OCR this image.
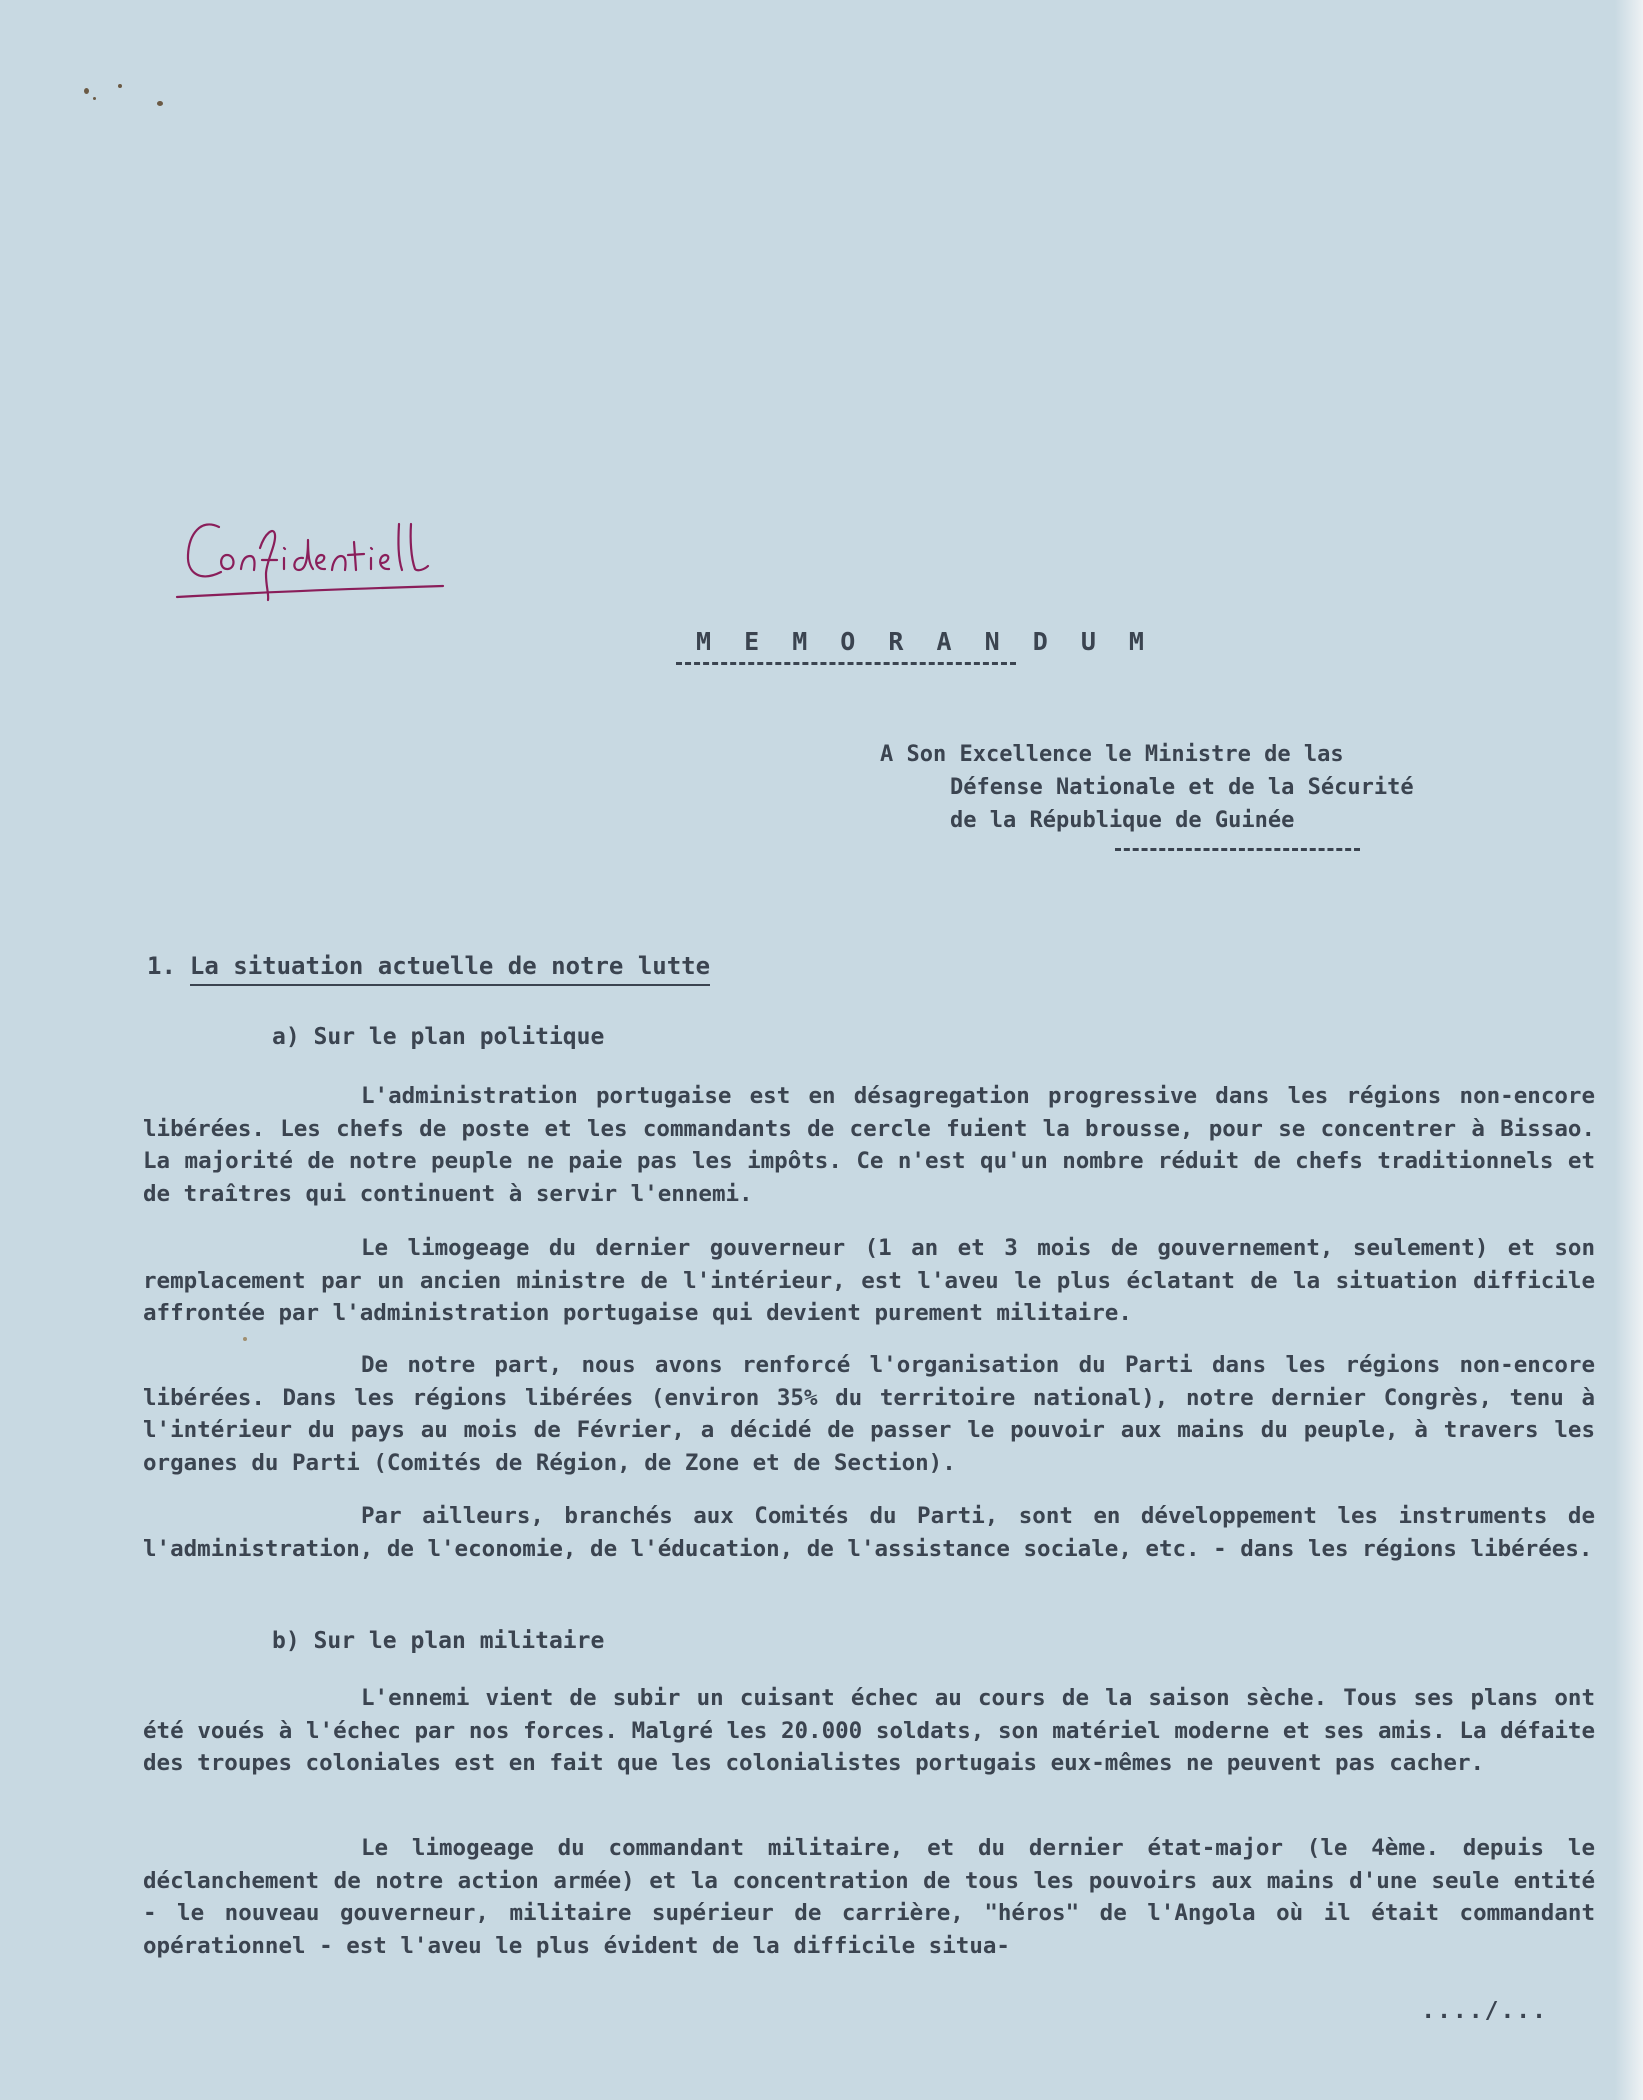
M E M O R A N D U M
A Son Excellence le Ministre de las
Défense Nationale et de la Sécurité
de la République de Guinée
1. La situation actuelle de notre lutte
a) Sur le plan politique

L'administration portugaise est en désagregation progressive dans les régions non-encore libérées. Les chefs de poste et les commandants de cercle fuient la brousse, pour se concentrer à Bissao. La majorité de notre peuple ne paie pas les impôts. Ce n'est qu'un nombre réduit de chefs traditionnels et de traîtres qui continuent à servir l'ennemi.

Le limogeage du dernier gouverneur (1 an et 3 mois de gouvernement, seulement) et son remplacement par un ancien ministre de l'intérieur, est l'aveu le plus éclatant de la situation difficile affrontée par l'administration portugaise qui devient purement militaire.

De notre part, nous avons renforcé l'organisation du Parti dans les régions non-encore libérées. Dans les régions libérées (environ 35% du territoire national), notre dernier Congrès, tenu à l'intérieur du pays au mois de Février, a décidé de passer le pouvoir aux mains du peuple, à travers les organes du Parti (Comités de Région, de Zone et de Section).

Par ailleurs, branchés aux Comités du Parti, sont en développement les instruments de l'administration, de l'economie, de l'éducation, de l'assistance sociale, etc. - dans les régions libérées.

b) Sur le plan militaire

L'ennemi vient de subir un cuisant échec au cours de la saison sèche. Tous ses plans ont été voués à l'échec par nos forces. Malgré les 20.000 soldats, son matériel moderne et ses amis. La défaite des troupes coloniales est en fait que les colonialistes portugais eux-mêmes ne peuvent pas cacher.

Le limogeage du commandant militaire, et du dernier état-major (le 4ème. depuis le déclanchement de notre action armée) et la concentration de tous les pouvoirs aux mains d'une seule entité - le nouveau gouverneur, militaire supérieur de carrière, "héros" de l'Angola où il était commandant opérationnel - est l'aveu le plus évident de la difficile situa-

..../...
